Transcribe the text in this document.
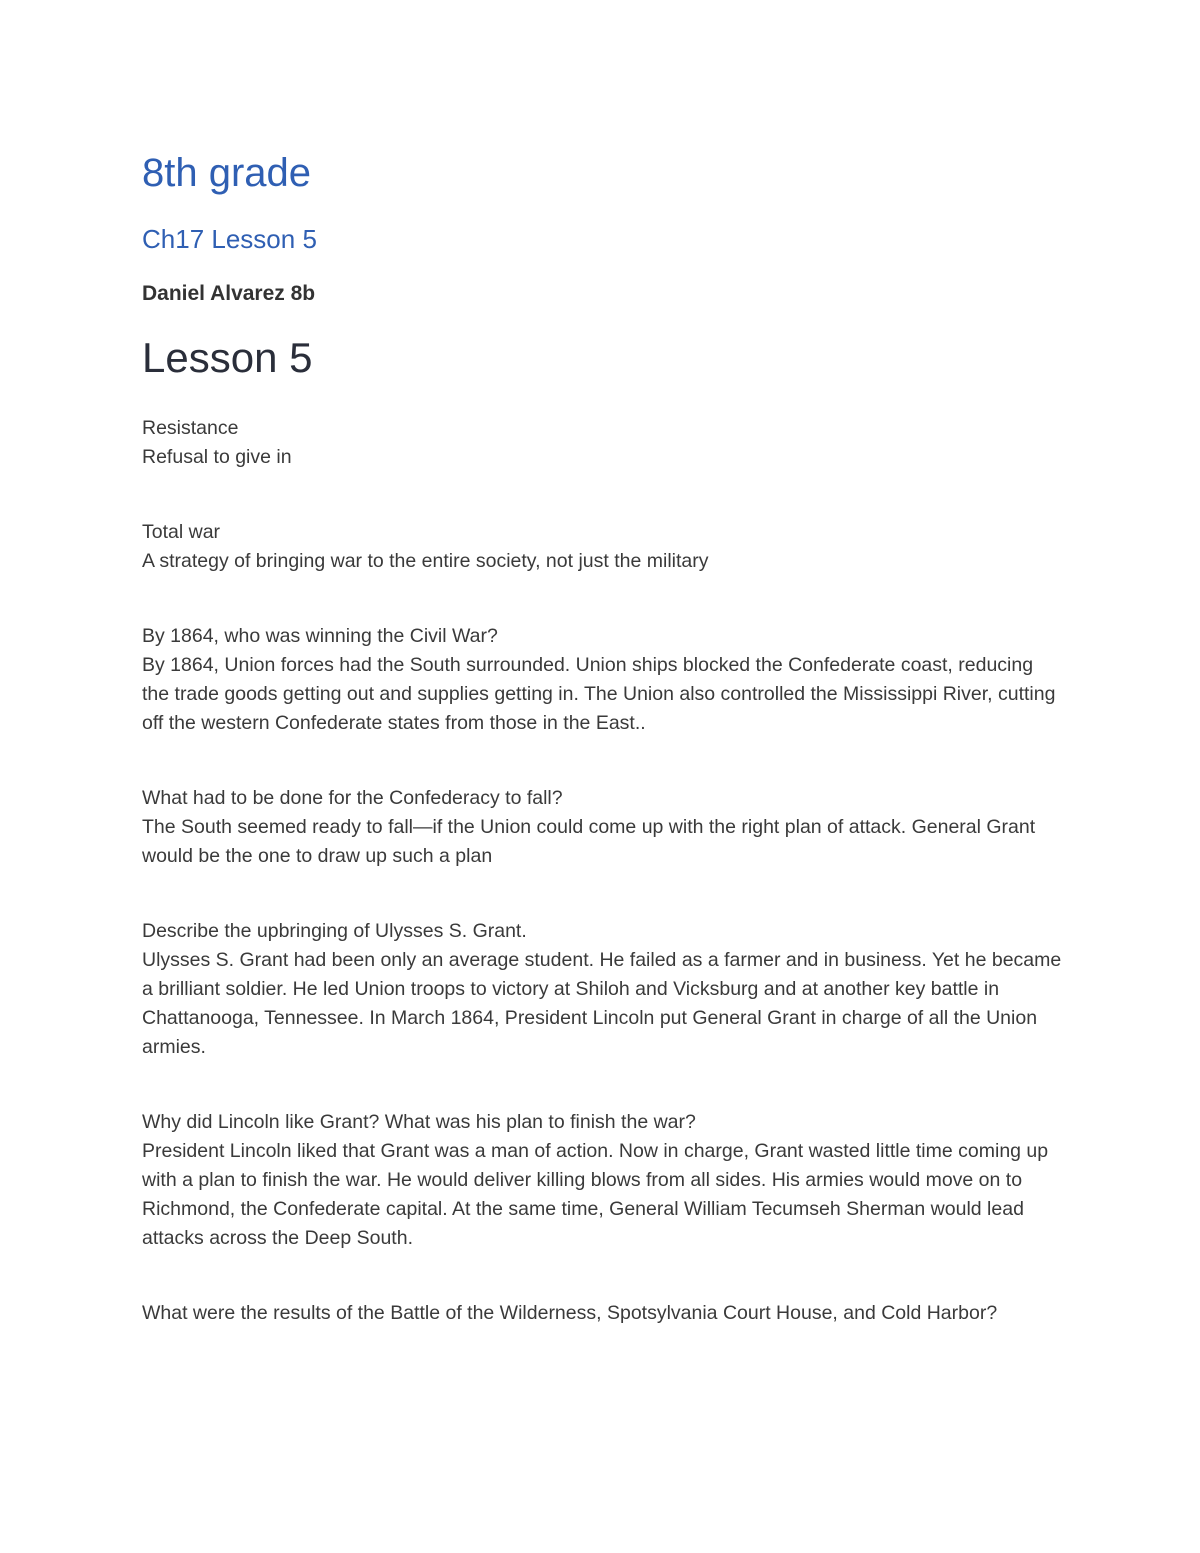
8th grade
Ch17 Lesson 5
Daniel Alvarez 8b
Lesson 5

Resistance

Refusal to give in

Total war

A strategy of bringing war to the entire society, not just the military

By 1864, who was winning the Civil War?

By 1864, Union forces had the South surrounded. Union ships blocked the Confederate coast, reducing the trade goods getting out and supplies getting in. The Union also controlled the Mississippi River, cutting off the western Confederate states from those in the East..

What had to be done for the Confederacy to fall?

The South seemed ready to fall—if the Union could come up with the right plan of attack. General Grant would be the one to draw up such a plan

Describe the upbringing of Ulysses S. Grant.

Ulysses S. Grant had been only an average student. He failed as a farmer and in business. Yet he became a brilliant soldier. He led Union troops to victory at Shiloh and Vicksburg and at another key battle in Chattanooga, Tennessee. In March 1864, President Lincoln put General Grant in charge of all the Union armies.

Why did Lincoln like Grant? What was his plan to finish the war?

President Lincoln liked that Grant was a man of action. Now in charge, Grant wasted little time coming up with a plan to finish the war. He would deliver killing blows from all sides. His armies would move on to Richmond, the Confederate capital. At the same time, General William Tecumseh Sherman would lead attacks across the Deep South.

What were the results of the Battle of the Wilderness, Spotsylvania Court House, and Cold Harbor?
